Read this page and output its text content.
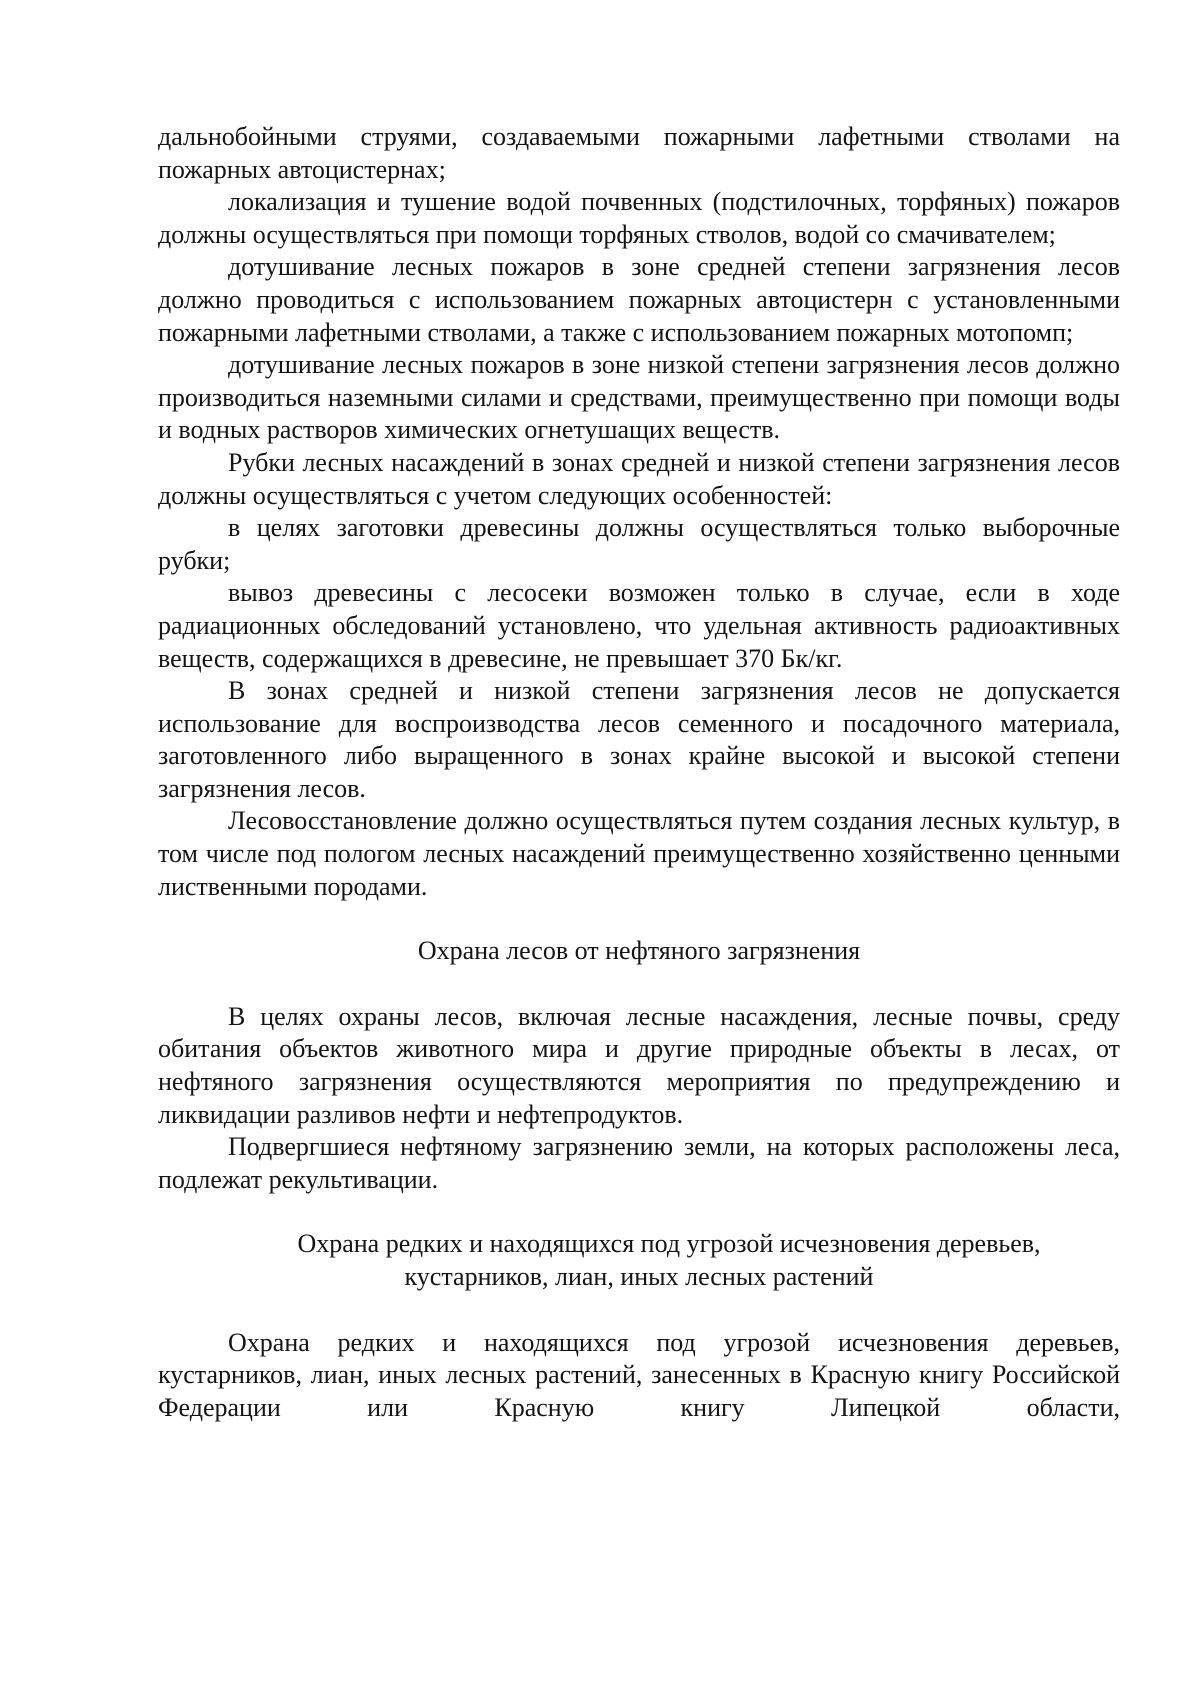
дальнобойными струями, создаваемыми пожарными лафетными стволами на пожарных автоцистернах;

локализация и тушение водой почвенных (подстилочных, торфяных) пожаров должны осуществляться при помощи торфяных стволов, водой со смачивателем;

дотушивание лесных пожаров в зоне средней степени загрязнения лесов должно проводиться с использованием пожарных автоцистерн с установленными пожарными лафетными стволами, а также с использованием пожарных мотопомп;

дотушивание лесных пожаров в зоне низкой степени загрязнения лесов должно производиться наземными силами и средствами, преимущественно при помощи воды и водных растворов химических огнетушащих веществ.

Рубки лесных насаждений в зонах средней и низкой степени загрязнения лесов должны осуществляться с учетом следующих особенностей:

в целях заготовки древесины должны осуществляться только выборочные рубки;

вывоз древесины с лесосеки возможен только в случае, если в ходе радиационных обследований установлено, что удельная активность радиоактивных веществ, содержащихся в древесине, не превышает 370 Бк/кг.

В зонах средней и низкой степени загрязнения лесов не допускается использование для воспроизводства лесов семенного и посадочного материала, заготовленного либо выращенного в зонах крайне высокой и высокой степени загрязнения лесов.

Лесовосстановление должно осуществляться путем создания лесных культур, в том числе под пологом лесных насаждений преимущественно хозяйственно ценными лиственными породами.

Охрана лесов от нефтяного загрязнения

В целях охраны лесов, включая лесные насаждения, лесные почвы, среду обитания объектов животного мира и другие природные объекты в лесах, от нефтяного загрязнения осуществляются мероприятия по предупреждению и ликвидации разливов нефти и нефтепродуктов.

Подвергшиеся нефтяному загрязнению земли, на которых расположены леса, подлежат рекультивации.

Охрана редких и находящихся под угрозой исчезновения деревьев,

кустарников, лиан, иных лесных растений

Охрана редких и находящихся под угрозой исчезновения деревьев, кустарников, лиан, иных лесных растений, занесенных в Красную книгу Российской Федерации или Красную книгу Липецкой области,
